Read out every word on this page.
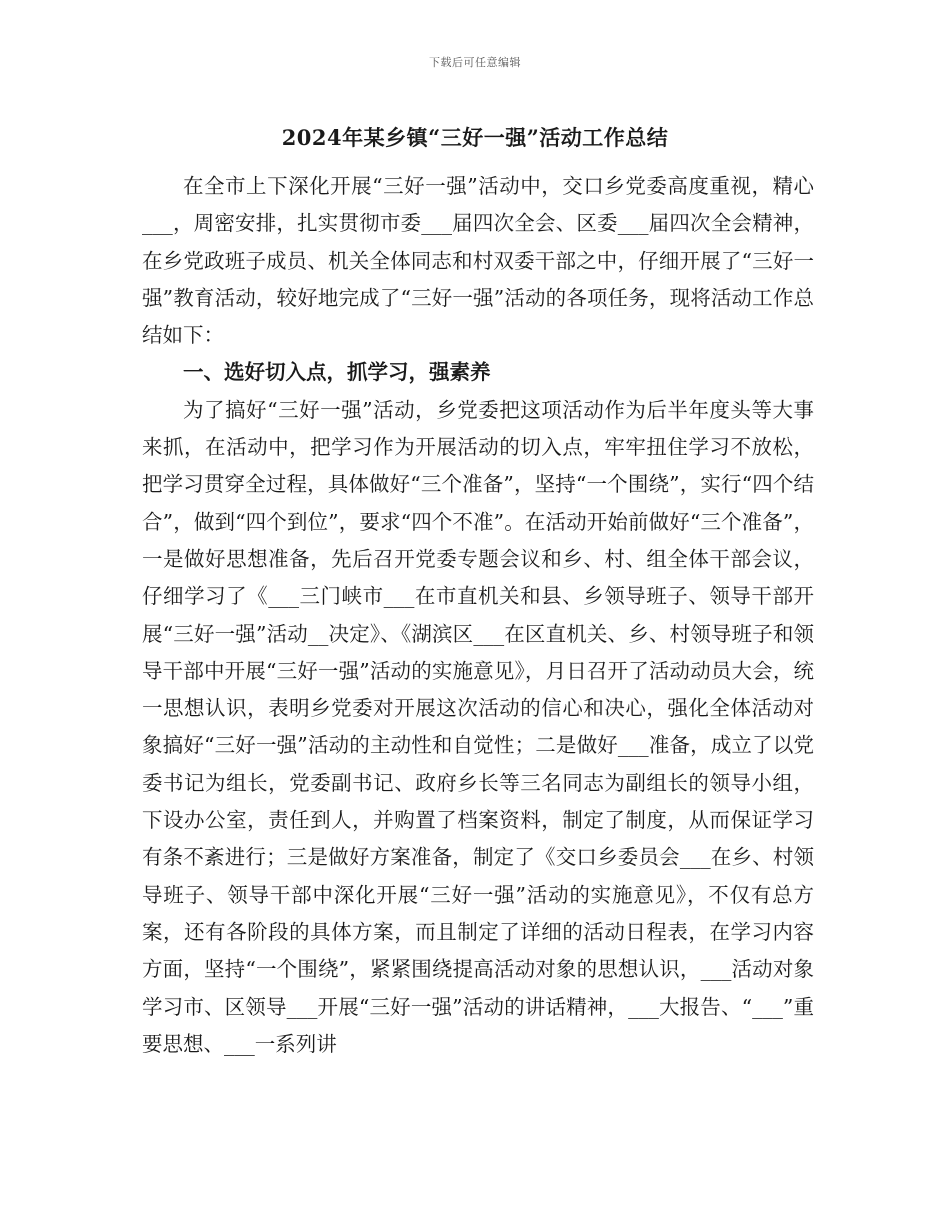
下载后可任意编辑
2024年某乡镇“三好一强”活动工作总结

在全市上下深化开展“三好一强”活动中，交口乡党委高度重视，精心___，周密安排，扎实贯彻市委___届四次全会、区委___届四次全会精神，在乡党政班子成员、机关全体同志和村双委干部之中，仔细开展了“三好一强”教育活动，较好地完成了“三好一强”活动的各项任务，现将活动工作总结如下：

一、选好切入点，抓学习，强素养

为了搞好“三好一强”活动，乡党委把这项活动作为后半年度头等大事来抓，在活动中，把学习作为开展活动的切入点，牢牢扭住学习不放松，把学习贯穿全过程，具体做好“三个准备”，坚持“一个围绕”，实行“四个结合”，做到“四个到位”，要求“四个不准”。在活动开始前做好“三个准备”，一是做好思想准备，先后召开党委专题会议和乡、村、组全体干部会议，仔细学习了《___三门峡市___在市直机关和县、乡领导班子、领导干部开展“三好一强”活动__决定》、《湖滨区___在区直机关、乡、村领导班子和领导干部中开展“三好一强”活动的实施意见》，月日召开了活动动员大会，统一思想认识，表明乡党委对开展这次活动的信心和决心，强化全体活动对象搞好“三好一强”活动的主动性和自觉性；二是做好___准备，成立了以党委书记为组长，党委副书记、政府乡长等三名同志为副组长的领导小组，下设办公室，责任到人，并购置了档案资料，制定了制度，从而保证学习有条不紊进行；三是做好方案准备，制定了《交口乡委员会___在乡、村领导班子、领导干部中深化开展“三好一强”活动的实施意见》，不仅有总方案，还有各阶段的具体方案，而且制定了详细的活动日程表，在学习内容方面，坚持“一个围绕”，紧紧围绕提高活动对象的思想认识，___活动对象学习市、区领导___开展“三好一强”活动的讲话精神，___大报告、“___”重要思想、___一系列讲
